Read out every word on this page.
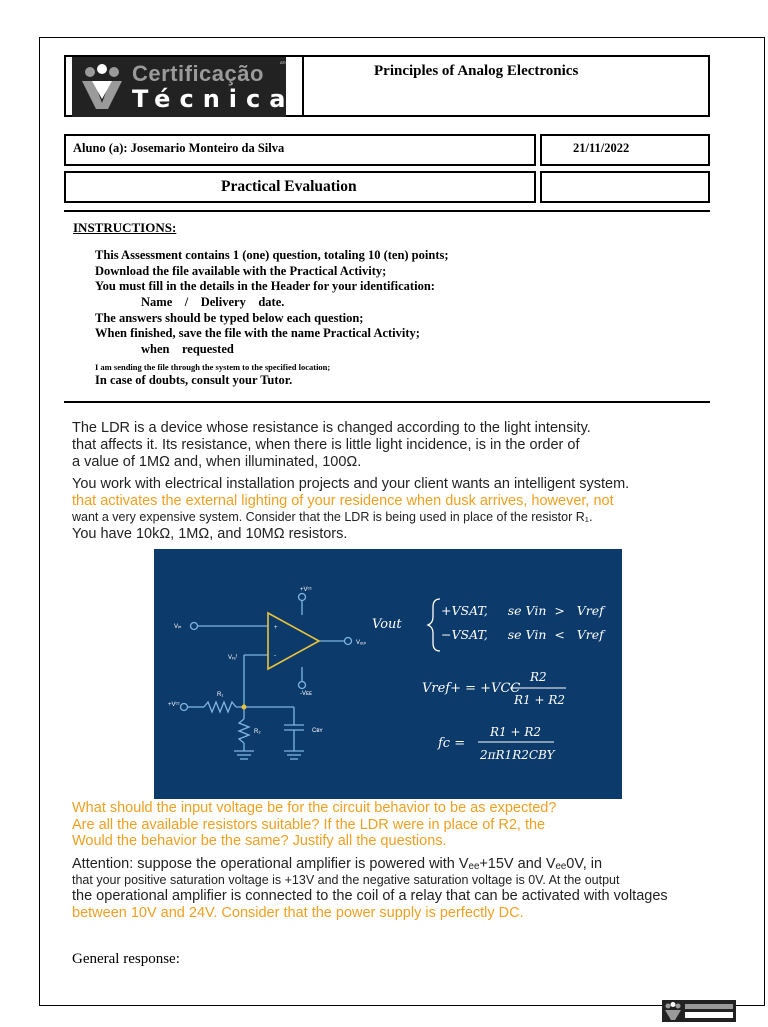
Certificação	ao
Técnica
Principles of Analog Electronics
Aluno (a): Josemario Monteiro da Silva	21/11/2022
Practical Evaluation
INSTRUCTIONS:
This Assessment contains 1 (one) question, totaling 10 (ten) points;
Download the file available with the Practical Activity;
You must fill in the details in the Header for your identification:
Name    /    Delivery    date.
The answers should be typed below each question;
When finished, save the file with the name Practical Activity;
when    requested
I am sending the file through the system to the specified location;
In case of doubts, consult your Tutor.
The LDR is a device whose resistance is changed according to the light intensity.
that affects it. Its resistance, when there is little light incidence, is in the order of
a value of 1MΩ and, when illuminated, 100Ω.
You work with electrical installation projects and your client wants an intelligent system.
that activates the external lighting of your residence when dusk arrives, however, not
want a very expensive system. Consider that the LDR is being used in place of the resistor R₁.
You have 10kΩ, 1MΩ, and 10MΩ resistors.
+
-
Vᵢₙ
+Vᶜᶜ
Vₒᵤₜ
-Vᴇᴇ
Vᵣₑᶠ
+Vᶜᶜ
R₁
R₂	Cʙʏ
Vout
+VSAT,     se Vin  >   Vref
−VSAT,     se Vin  <   Vref
Vref+ = +VCC
R2
R1 + R2
fc =
R1 + R2
2πR1R2CBY
What should the input voltage be for the circuit behavior to be as expected?
Are all the available resistors suitable? If the LDR were in place of R2, the
Would the behavior be the same? Justify all the questions.
Attention: suppose the operational amplifier is powered with Vₑₑ+15V and Vₑₑ0V, in
that your positive saturation voltage is +13V and the negative saturation voltage is 0V. At the output
the operational amplifier is connected to the coil of a relay that can be activated with voltages
between 10V and 24V. Consider that the power supply is perfectly DC.
General response:
